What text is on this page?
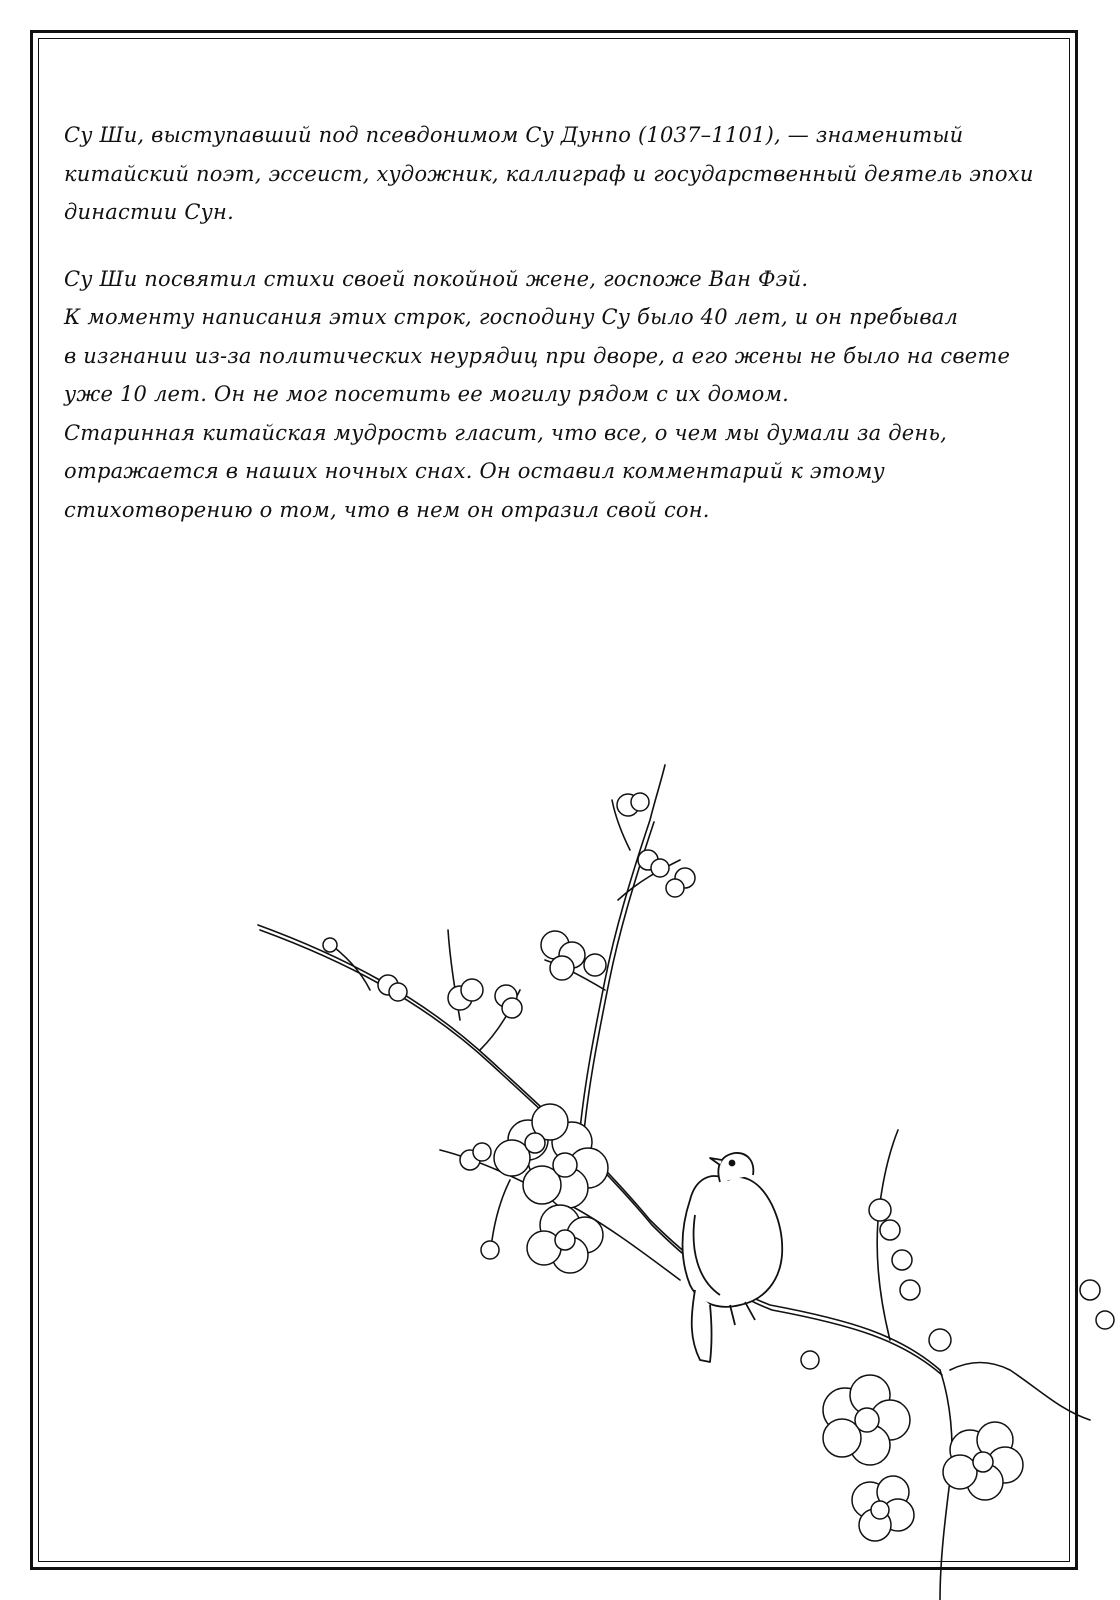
Су Ши, выступавший под псевдонимом Су Дунпо (1037–1101), — знаменитый
китайский поэт, эссеист, художник, каллиграф и государственный деятель эпохи
династии Сун.
Су Ши посвятил стихи своей покойной жене, госпоже Ван Фэй.
К моменту написания этих строк, господину Су было 40 лет, и он пребывал
в изгнании из-за политических неурядиц при дворе, а его жены не было на свете
уже 10 лет. Он не мог посетить ее могилу рядом с их домом.
Старинная китайская мудрость гласит, что все, о чем мы думали за день,
отражается в наших ночных снах. Он оставил комментарий к этому
стихотворению о том, что в нем он отразил свой сон.
